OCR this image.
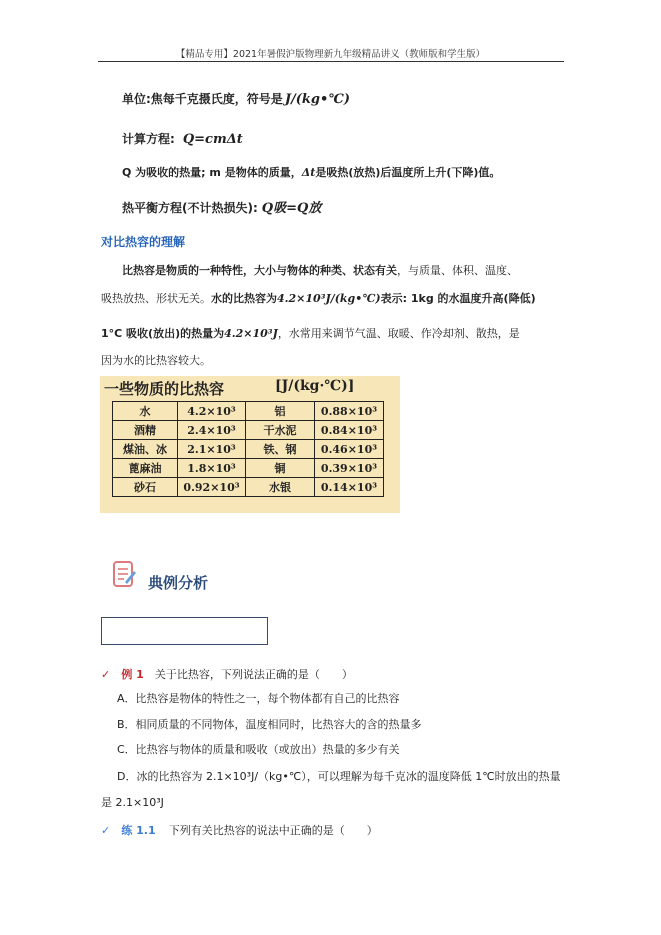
【精品专用】2021年暑假沪版物理新九年级精品讲义（教师版和学生版）
单位:焦每千克摄氏度，符号是 J/(kg•℃)
计算方程: Q=cmΔt
Q 为吸收的热量; m 是物体的质量，Δt是吸热(放热)后温度所上升(下降)值。
热平衡方程(不计热损失): Q吸=Q放
对比热容的理解
比热容是物质的一种特性，大小与物体的种类、状态有关，与质量、体积、温度、
吸热放热、形状无关。水的比热容为4.2×10³J/(kg•℃)表示: 1kg 的水温度升高(降低)
1°C 吸收(放出)的热量为4.2×10³J，水常用来调节气温、取暖、作冷却剂、散热，是
因为水的比热容较大。
一些物质的比热容	[J/(kg·℃)]
水	4.2×10³	铝	0.88×10³
酒精	2.4×10³	干水泥	0.84×10³
煤油、冰	2.1×10³	铁、钢	0.46×10³
蓖麻油	1.8×10³	铜	0.39×10³
砂石	0.92×10³	水银	0.14×10³
典例分析
✓ 例 1 关于比热容，下列说法正确的是（　　）
A．比热容是物体的特性之一，每个物体都有自己的比热容
B．相同质量的不同物体，温度相同时，比热容大的含的热量多
C．比热容与物体的质量和吸收（或放出）热量的多少有关
D．冰的比热容为 2.1×10³J/（kg•℃），可以理解为每千克冰的温度降低 1℃时放出的热量
是 2.1×10³J
✓ 练 1.1 下列有关比热容的说法中正确的是（　　）
